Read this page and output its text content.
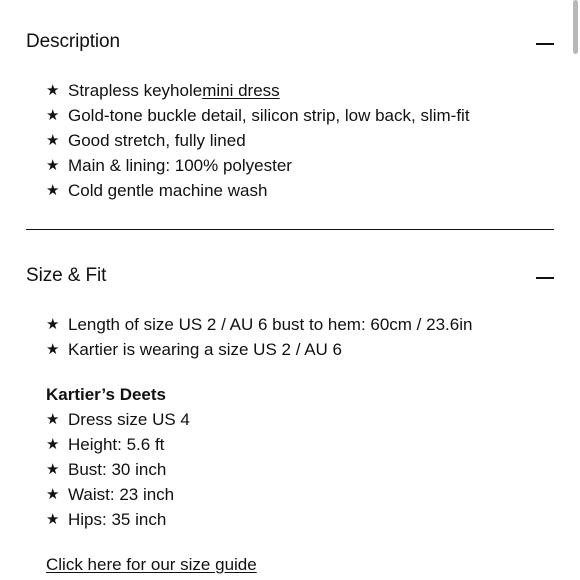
Description
★ Strapless keyhole mini dress
★ Gold-tone buckle detail, silicon strip, low back, slim-fit
★ Good stretch, fully lined
★ Main & lining: 100% polyester
★ Cold gentle machine wash
Size & Fit
★ Length of size US 2 / AU 6 bust to hem: 60cm / 23.6in
★ Kartier is wearing a size US 2 / AU 6
Kartier’s Deets
★ Dress size US 4
★ Height: 5.6 ft
★ Bust: 30 inch
★ Waist: 23 inch
★ Hips: 35 inch
Click here for our size guide
